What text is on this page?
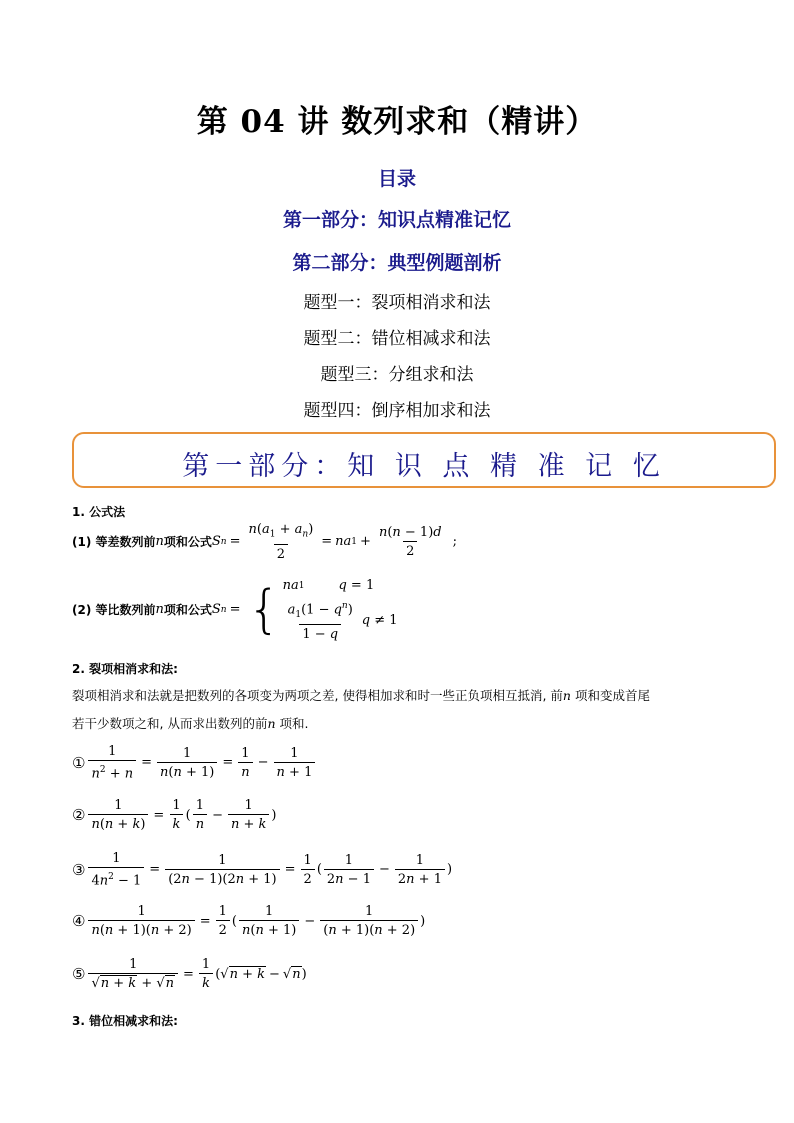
第 04 讲 数列求和（精讲）
目录
第一部分：知识点精准记忆
第二部分：典型例题剖析
题型一：裂项相消求和法
题型二：错位相减求和法
题型三：分组求和法
题型四：倒序相加求和法
第一部分：知 识 点 精 准 记 忆
1. 公式法
(1) 等差数列前 n 项和公式 S $n = \frac{n(a_1 + a_n)}{2}$ = na $1 + \frac{n(n - 1)d}{2}$ ;
(2) 等比数列前 n 项和公式 S n = { na 1	q = 1
$\frac{a_1(1 - q^n)}{1 - q}$ q ≠ 1
2. 裂项相消求和法:
裂项相消求和法就是把数列的各项变为两项之差, 使得相加求和时一些正负项相互抵消, 前n 项和变成首尾
若干少数项之和, 从而求出数列的前n 项和.
① $\frac{1}{n^2 + n} = \frac{1}{n(n + 1)} = \frac{1}{n} - \frac{1}{n + 1}$
② $\frac{1}{n(n + k)} = \frac{1}{k}$ ( $\frac{1}{n} - \frac{1}{n + k}$ )
③ $\frac{1}{4n^2 - 1} = \frac{1}{(2n - 1)(2n + 1)} = \frac{1}{2}$ ( $\frac{1}{2n - 1} - \frac{1}{2n + 1}$ )
④ $\frac{1}{n(n + 1)(n + 2)} = \frac{1}{2}$ ( $\frac{1}{n(n + 1)} - \frac{1}{(n + 1)(n + 2)}$ )
⑤ $\frac{1}{√n + k + √n} = \frac{1}{k}$ (√ n + k − √ n )
3. 错位相减求和法:
